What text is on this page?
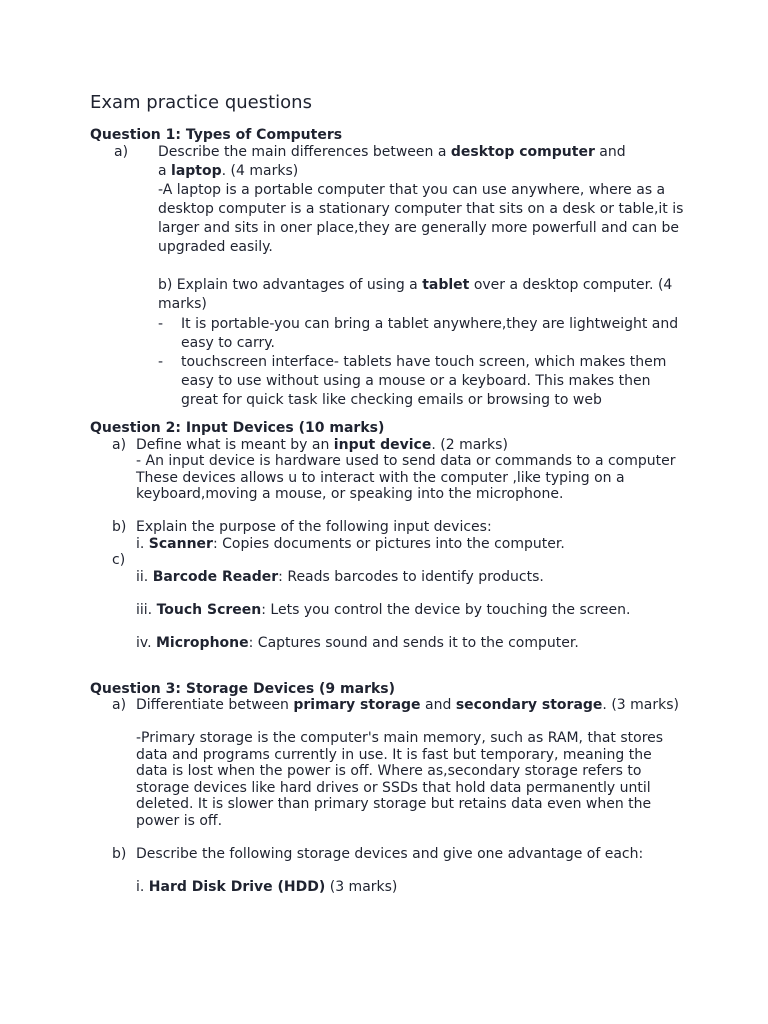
Exam practice questions
Question 1: Types of Computers
a) Describe the main differences between a desktop computer and a laptop. (4 marks)
-A laptop is a portable computer that you can use anywhere, where as a desktop computer is a stationary computer that sits on a desk or table,it is larger and sits in oner place,they are generally more powerfull and can be upgraded easily.
b) Explain two advantages of using a tablet over a desktop computer. (4 marks)
- It is portable-you can bring a tablet anywhere,they are lightweight and easy to carry.
- touchscreen interface- tablets have touch screen, which makes them easy to use without using a mouse or a keyboard. This makes then great for quick task like checking emails or browsing to web
Question 2: Input Devices (10 marks)
a) Define what is meant by an input device. (2 marks)
- An input device is hardware used to send data or commands to a computer These devices allows u to interact with the computer ,like typing on a keyboard,moving a mouse, or speaking into the microphone.
b) Explain the purpose of the following input devices:
i. Scanner: Copies documents or pictures into the computer.
c)
ii. Barcode Reader: Reads barcodes to identify products.
iii. Touch Screen: Lets you control the device by touching the screen.
iv. Microphone: Captures sound and sends it to the computer.
Question 3: Storage Devices (9 marks)
a) Differentiate between primary storage and secondary storage. (3 marks)
-Primary storage is the computer's main memory, such as RAM, that stores data and programs currently in use. It is fast but temporary, meaning the data is lost when the power is off. Where as,secondary storage refers to storage devices like hard drives or SSDs that hold data permanently until deleted. It is slower than primary storage but retains data even when the power is off.
b) Describe the following storage devices and give one advantage of each:
i. Hard Disk Drive (HDD) (3 marks)
